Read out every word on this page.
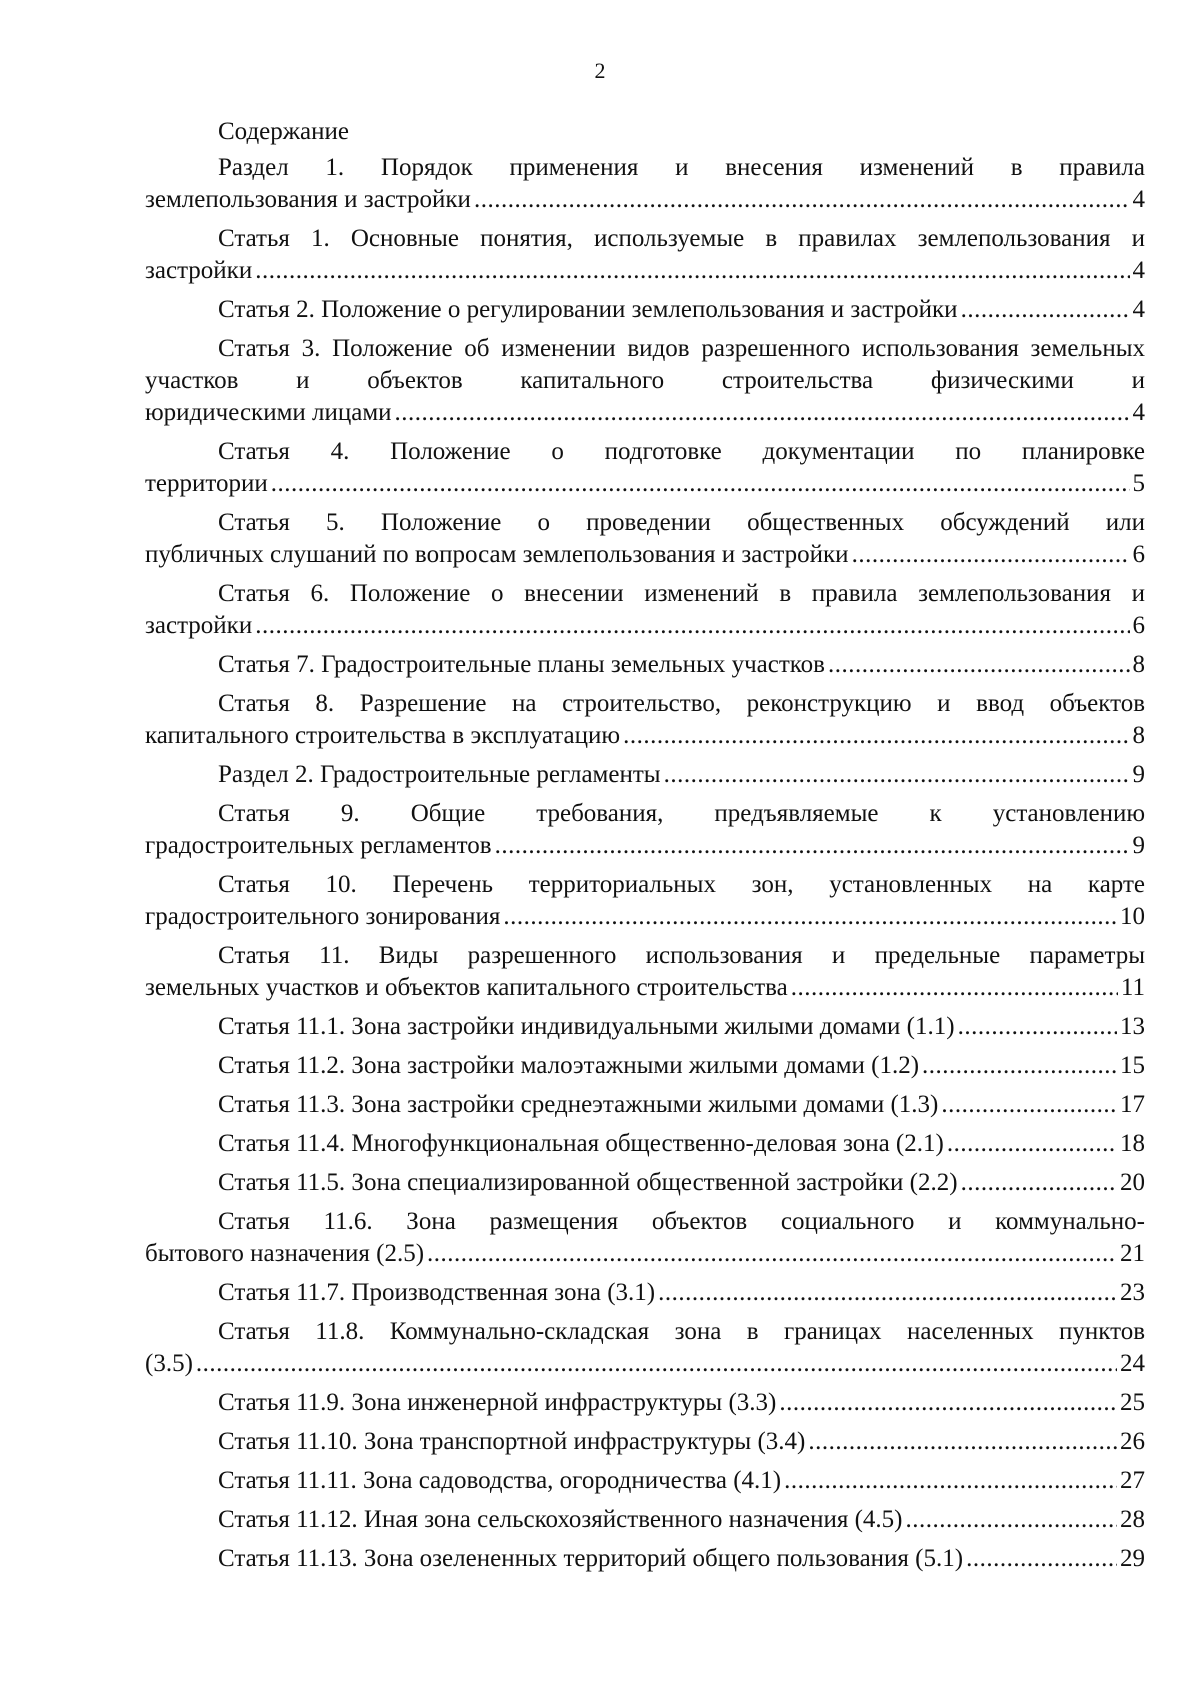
2
Содержание
Раздел 1. Порядок применения и внесения изменений в правила
землепользования и застройки .....	4
Статья 1. Основные понятия, используемые в правилах землепользования и
застройки .....	4
Статья 2. Положение о регулировании землепользования и застройки .....	4
Статья 3. Положение об изменении видов разрешенного использования земельных участков и объектов капитального строительства физическими и
юридическими лицами .....	4
Статья 4. Положение о подготовке документации по планировке
территории .....	5
Статья 5. Положение о проведении общественных обсуждений или
публичных слушаний по вопросам землепользования и застройки .....	6
Статья 6. Положение о внесении изменений в правила землепользования и
застройки .....	6
Статья 7. Градостроительные планы земельных участков .....	8
Статья 8. Разрешение на строительство, реконструкцию и ввод объектов
капитального строительства в эксплуатацию .....	8
Раздел 2. Градостроительные регламенты .....	9
Статья 9. Общие требования, предъявляемые к установлению
градостроительных регламентов .....	9
Статья 10. Перечень территориальных зон, установленных на карте
градостроительного зонирования .....	10
Статья 11. Виды разрешенного использования и предельные параметры
земельных участков и объектов капитального строительства .....	11
Статья 11.1. Зона застройки индивидуальными жилыми домами (1.1) .....	13
Статья 11.2. Зона застройки малоэтажными жилыми домами (1.2) .....	15
Статья 11.3. Зона застройки среднеэтажными жилыми домами (1.3) .....	17
Статья 11.4. Многофункциональная общественно-деловая зона (2.1) .....	18
Статья 11.5. Зона специализированной общественной застройки (2.2) .....	20
Статья 11.6. Зона размещения объектов социального и коммунально-
бытового назначения (2.5) .....	21
Статья 11.7. Производственная зона (3.1) .....	23
Статья 11.8. Коммунально-складская зона в границах населенных пунктов
(3.5) .....	24
Статья 11.9. Зона инженерной инфраструктуры (3.3) .....	25
Статья 11.10. Зона транспортной инфраструктуры (3.4) .....	26
Статья 11.11. Зона садоводства, огородничества (4.1) .....	27
Статья 11.12. Иная зона сельскохозяйственного назначения (4.5) .....	28
Статья 11.13. Зона озелененных территорий общего пользования (5.1) .....	29
